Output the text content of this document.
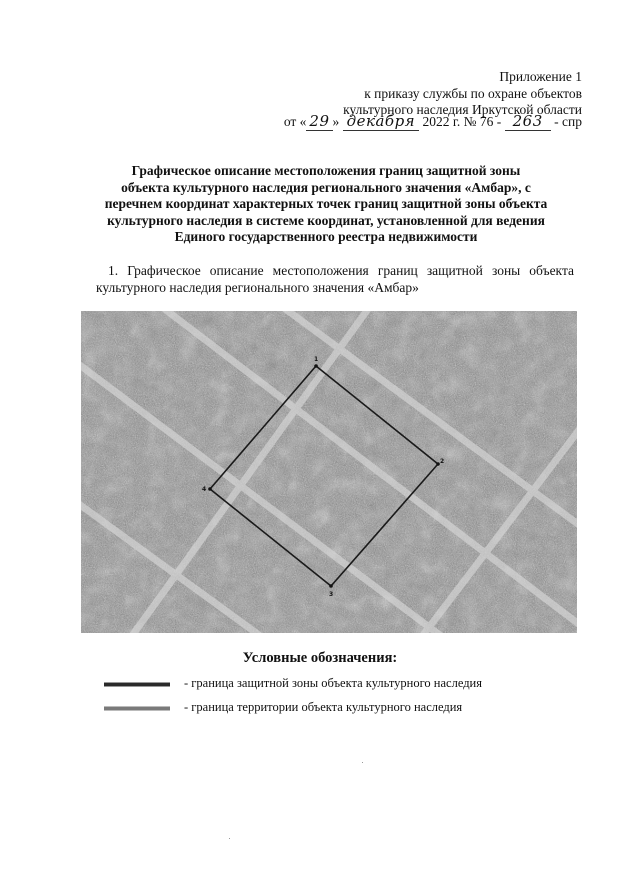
Приложение 1
к приказу службы по охране объектов
культурного наследия Иркутской области
от « 29 » декабря 2022 г. № 76 - 263 - спр
Графическое описание местоположения границ защитной зоны
объекта культурного наследия регионального значения «Амбар», с
перечнем координат характерных точек границ защитной зоны объекта
культурного наследия в системе координат, установленной для ведения
Единого государственного реестра недвижимости
1. Графическое описание местоположения границ защитной зоны объекта культурного наследия регионального значения «Амбар»
1
2
3
4
Условные обозначения:
- граница защитной зоны объекта культурного наследия
- граница территории объекта культурного наследия
